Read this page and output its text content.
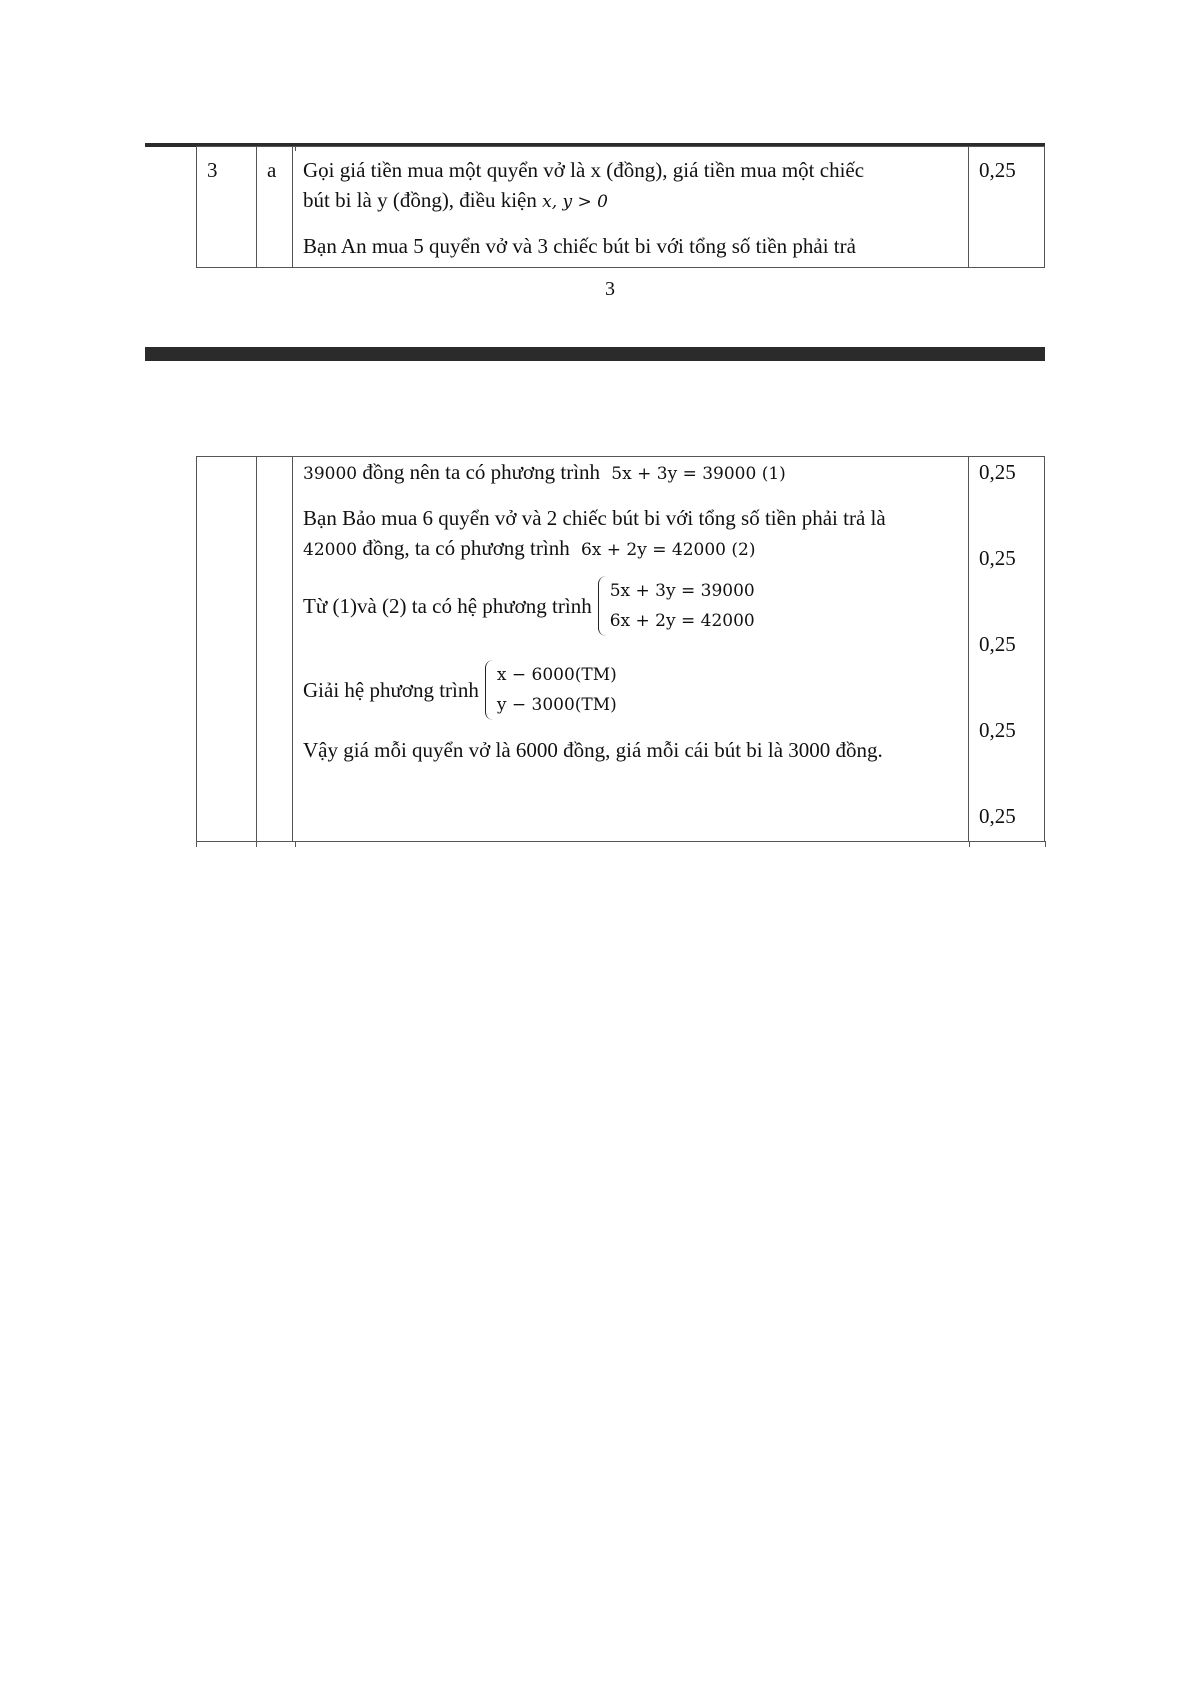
3	a	Gọi giá tiền mua một quyển vở là x (đồng), giá tiền mua một chiếc

bút bi là y (đồng), điều kiện x, y > 0

Bạn An mua 5 quyển vở và 3 chiếc bút bi với tổng số tiền phải trả

0,25
3

39000 đồng nên ta có phương trình 5x + 3y = 39000 (1)

Bạn Bảo mua 6 quyển vở và 2 chiếc bút bi với tổng số tiền phải trả là

42000 đồng, ta có phương trình 6x + 2y = 42000 (2)

Từ (1)và (2) ta có hệ phương trình
5x + 3y = 39000
6x + 2y = 42000

Giải hệ phương trình
x − 6000(TM)
y − 3000(TM)

Vậy giá mỗi quyển vở là 6000 đồng, giá mỗi cái bút bi là 3000 đồng.

0,25
0,25
0,25
0,25
0,25
